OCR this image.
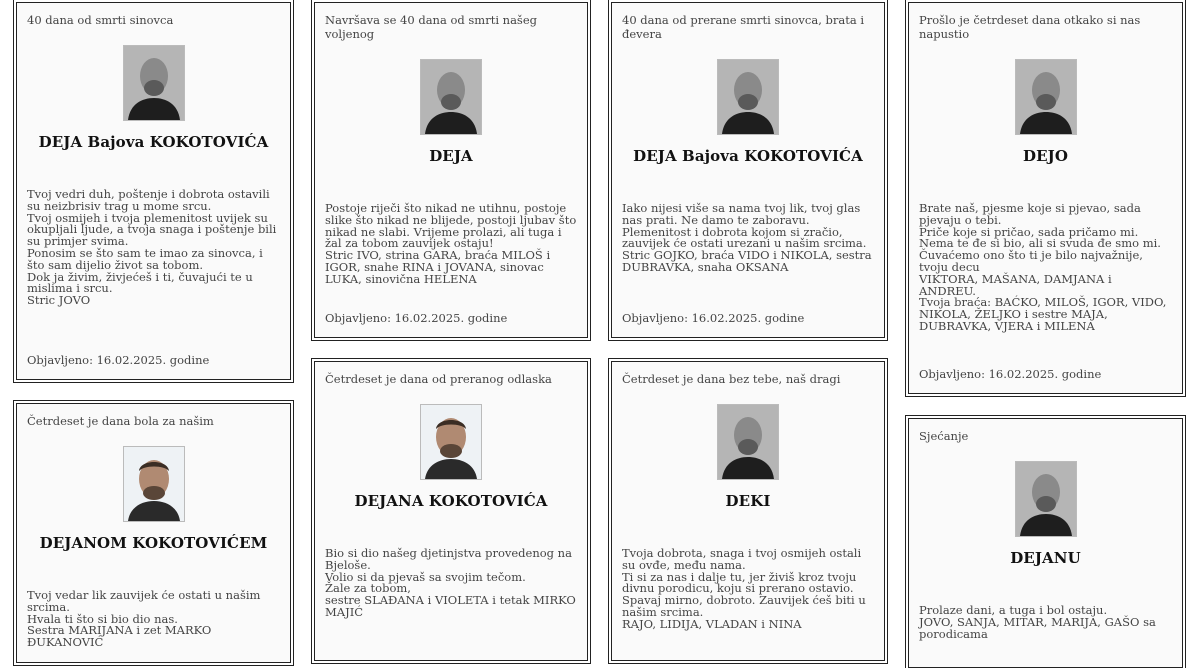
40 dana od smrti sinovca

DEJA Bajova KOKOTOVIĆA

Tvoj vedri duh, poštenje i dobrota ostavili su neizbrisiv trag u mome srcu.
Tvoj osmijeh i tvoja plemenitost uvijek su okupljali ljude, a tvoja snaga i poštenje bili su primjer svima.
Ponosim se što sam te imao za sinovca, i što sam dijelio život sa tobom.
Dok ja živim, živjećeš i ti, čuvajući te u mislima i srcu.
Stric JOVO

Objavljeno: 16.02.2025. godine

Četrdeset je dana bola za našim

DEJANOM KOKOTOVIĆEM

Tvoj vedar lik zauvijek će ostati u našim srcima.
Hvala ti što si bio dio nas.
Sestra MARIJANA i zet MARKO ĐUKANOVIĆ

Navršava se 40 dana od smrti našeg voljenog

DEJA

Postoje riječi što nikad ne utihnu, postoje slike što nikad ne blijede, postoji ljubav što nikad ne slabi. Vrijeme prolazi, ali tuga i žal za tobom zauvijek ostaju!
Stric IVO, strina GARA, braća MILOŠ i IGOR, snahe RINA i JOVANA, sinovac LUKA, sinovična HELENA

Objavljeno: 16.02.2025. godine

Četrdeset je dana od preranog odlaska

DEJANA KOKOTOVIĆA

Bio si dio našeg djetinjstva provedenog na Bjeloše.
Volio si da pjevaš sa svojim tečom.
Žale za tobom,
sestre SLAĐANA i VIOLETA i tetak MIRKO MAJIĆ

40 dana od prerane smrti sinovca, brata i đevera

DEJA Bajova KOKOTOVIĆA

Iako nijesi više sa nama tvoj lik, tvoj glas nas prati. Ne damo te zaboravu.
Plemenitost i dobrota kojom si zračio, zauvijek će ostati urezani u našim srcima.
Stric GOJKO, braća VIDO i NIKOLA, sestra DUBRAVKA, snaha OKSANA

Objavljeno: 16.02.2025. godine

Četrdeset je dana bez tebe, naš dragi

DEKI

Tvoja dobrota, snaga i tvoj osmijeh ostali su ovđe, među nama.
Ti si za nas i dalje tu, jer živiš kroz tvoju divnu porodicu, koju si prerano ostavio.
Spavaj mirno, dobroto. Zauvijek ćeš biti u našim srcima.
RAJO, LIDIJA, VLADAN i NINA

Prošlo je četrdeset dana otkako si nas napustio

DEJO

Brate naš, pjesme koje si pjevao, sada pjevaju o tebi.
Priče koje si pričao, sada pričamo mi.
Nema te đe si bio, ali si svuda đe smo mi.
Čuvaćemo ono što ti je bilo najvažnije, tvoju decu
VIKTORA, MAŠANA, DAMJANA i ANDREU.
Tvoja braća: BAĆKO, MILOŠ, IGOR, VIDO, NIKOLA, ŽELJKO i sestre MAJA, DUBRAVKA, VJERA i MILENA

Objavljeno: 16.02.2025. godine

Sjećanje

DEJANU

Prolaze dani, a tuga i bol ostaju.
JOVO, SANJA, MITAR, MARIJA, GAŠO sa porodicama
